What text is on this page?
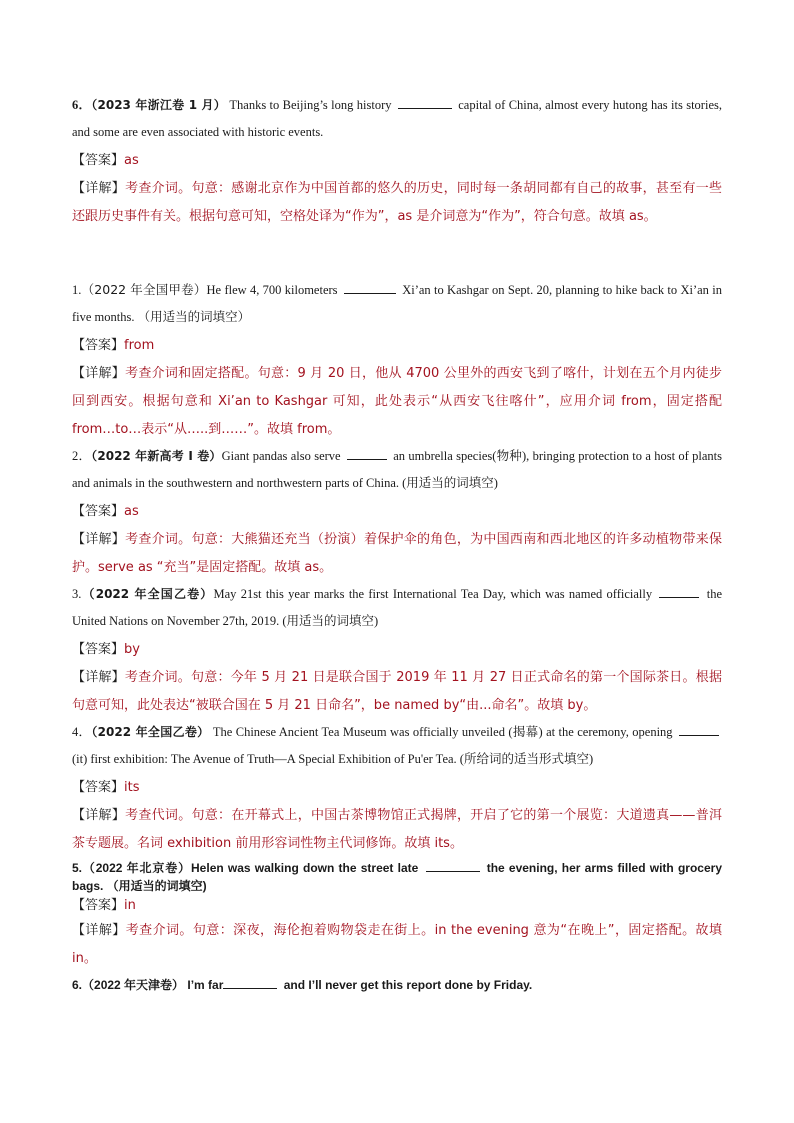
6．（2023 年浙江卷 1 月） Thanks to Beijing’s long history	capital of China, almost every hutong has its stories, and some are even associated with historic events.

【答案】as

【详解】考查介词。句意：感谢北京作为中国首都的悠久的历史，同时每一条胡同都有自己的故事，甚至有一些还跟历史事件有关。根据句意可知，空格处译为“作为”，as 是介词意为“作为”，符合句意。故填 as。

1.（2022 年全国甲卷）He flew 4, 700 kilometers	Xi’an to Kashgar on Sept. 20, planning to hike back to Xi’an in five months. （用适当的词填空）

【答案】from

【详解】考查介词和固定搭配。句意：9 月 20 日，他从 4700 公里外的西安飞到了喀什，计划在五个月内徒步回到西安。根据句意和 Xi’an to Kashgar 可知，此处表示“从西安飞往喀什”，应用介词 from，固定搭配 from…to…表示“从…..到……”。故填 from。

2．（2022 年新高考 I 卷）Giant pandas also serve	an umbrella species(物种), bringing protection to a host of plants and animals in the southwestern and northwestern parts of China. (用适当的词填空)

【答案】as

【详解】考查介词。句意：大熊猫还充当（扮演）着保护伞的角色，为中国西南和西北地区的许多动植物带来保护。serve as “充当”是固定搭配。故填 as。

3.（2022 年全国乙卷）May 21st this year marks the first International Tea Day, which was named officially	the United Nations on November 27th, 2019. (用适当的词填空)

【答案】by

【详解】考查介词。句意：今年 5 月 21 日是联合国于 2019 年 11 月 27 日正式命名的第一个国际茶日。根据句意可知，此处表达“被联合国在 5 月 21 日命名”，be named by“由...命名”。故填 by。

4．（2022 年全国乙卷） The Chinese Ancient Tea Museum was officially unveiled (揭幕) at the ceremony, opening  (it) first exhibition: The Avenue of Truth—A Special Exhibition of Pu'er Tea. (所给词的适当形式填空)

【答案】its

【详解】考查代词。句意：在开幕式上，中国古茶博物馆正式揭牌，开启了它的第一个展览：大道遗真——普洱茶专题展。名词 exhibition 前用形容词性物主代词修饰。故填 its。

5.（2022 年北京卷）Helen was walking down the street late	the evening, her arms filled with grocery bags. （用适当的词填空)

【答案】in

【详解】考查介词。句意：深夜，海伦抱着购物袋走在街上。in the evening 意为“在晚上”，固定搭配。故填 in。

6.（2022 年天津卷） I’m far	and I’ll never get this report done by Friday.
